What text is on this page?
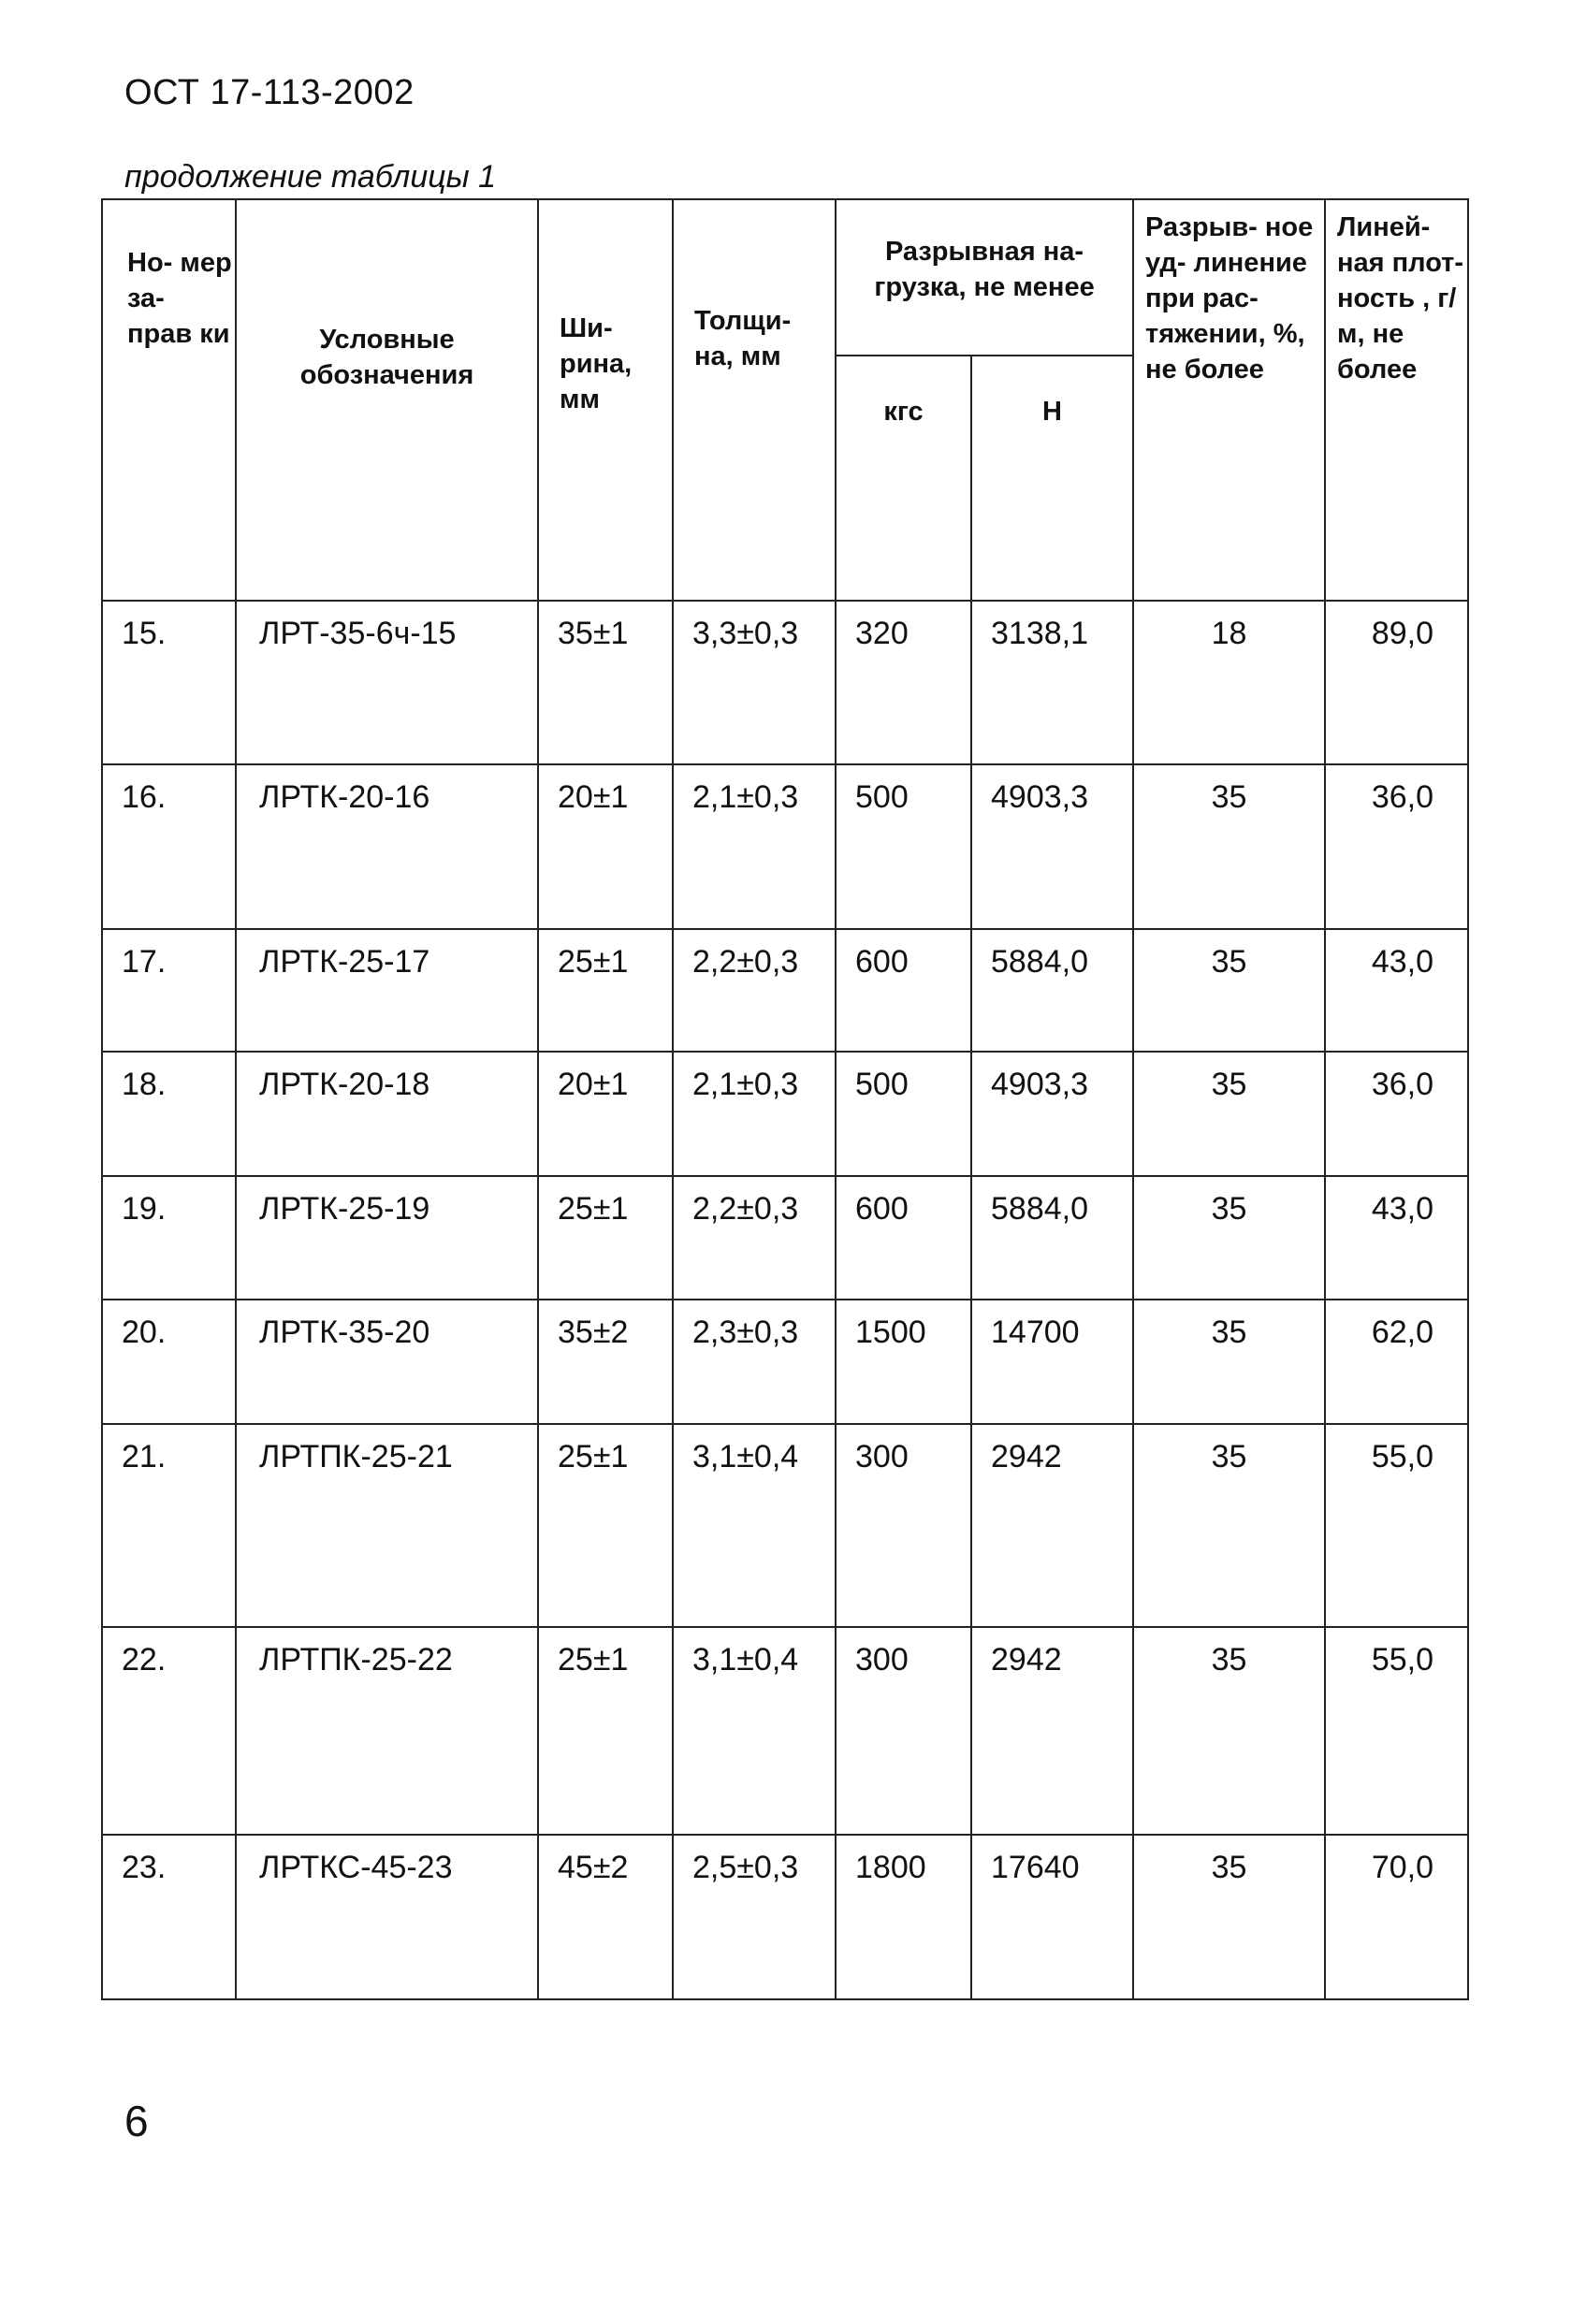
ОСТ 17-113-2002
продолжение таблицы 1
Но- мер за- прав ки	Условные обозначения	Ши- рина, мм	Толщи- на, мм	Разрывная на- грузка, не менее		Разрыв- ное уд- линение при рас- тяжении, %, не более	Линей- ная плот- ность , г/м, не более
				кгс	Н		
15.	ЛРТ-35-6ч-15	35±1	3,3±0,3	320	3138,1	18	89,0
16.	ЛРТК-20-16	20±1	2,1±0,3	500	4903,3	35	36,0
17.	ЛРТК-25-17	25±1	2,2±0,3	600	5884,0	35	43,0
18.	ЛРТК-20-18	20±1	2,1±0,3	500	4903,3	35	36,0
19.	ЛРТК-25-19	25±1	2,2±0,3	600	5884,0	35	43,0
20.	ЛРТК-35-20	35±2	2,3±0,3	1500	14700	35	62,0
21.	ЛРТПК-25-21	25±1	3,1±0,4	300	2942	35	55,0
22.	ЛРТПК-25-22	25±1	3,1±0,4	300	2942	35	55,0
23.	ЛРТКС-45-23	45±2	2,5±0,3	1800	17640	35	70,0
6
